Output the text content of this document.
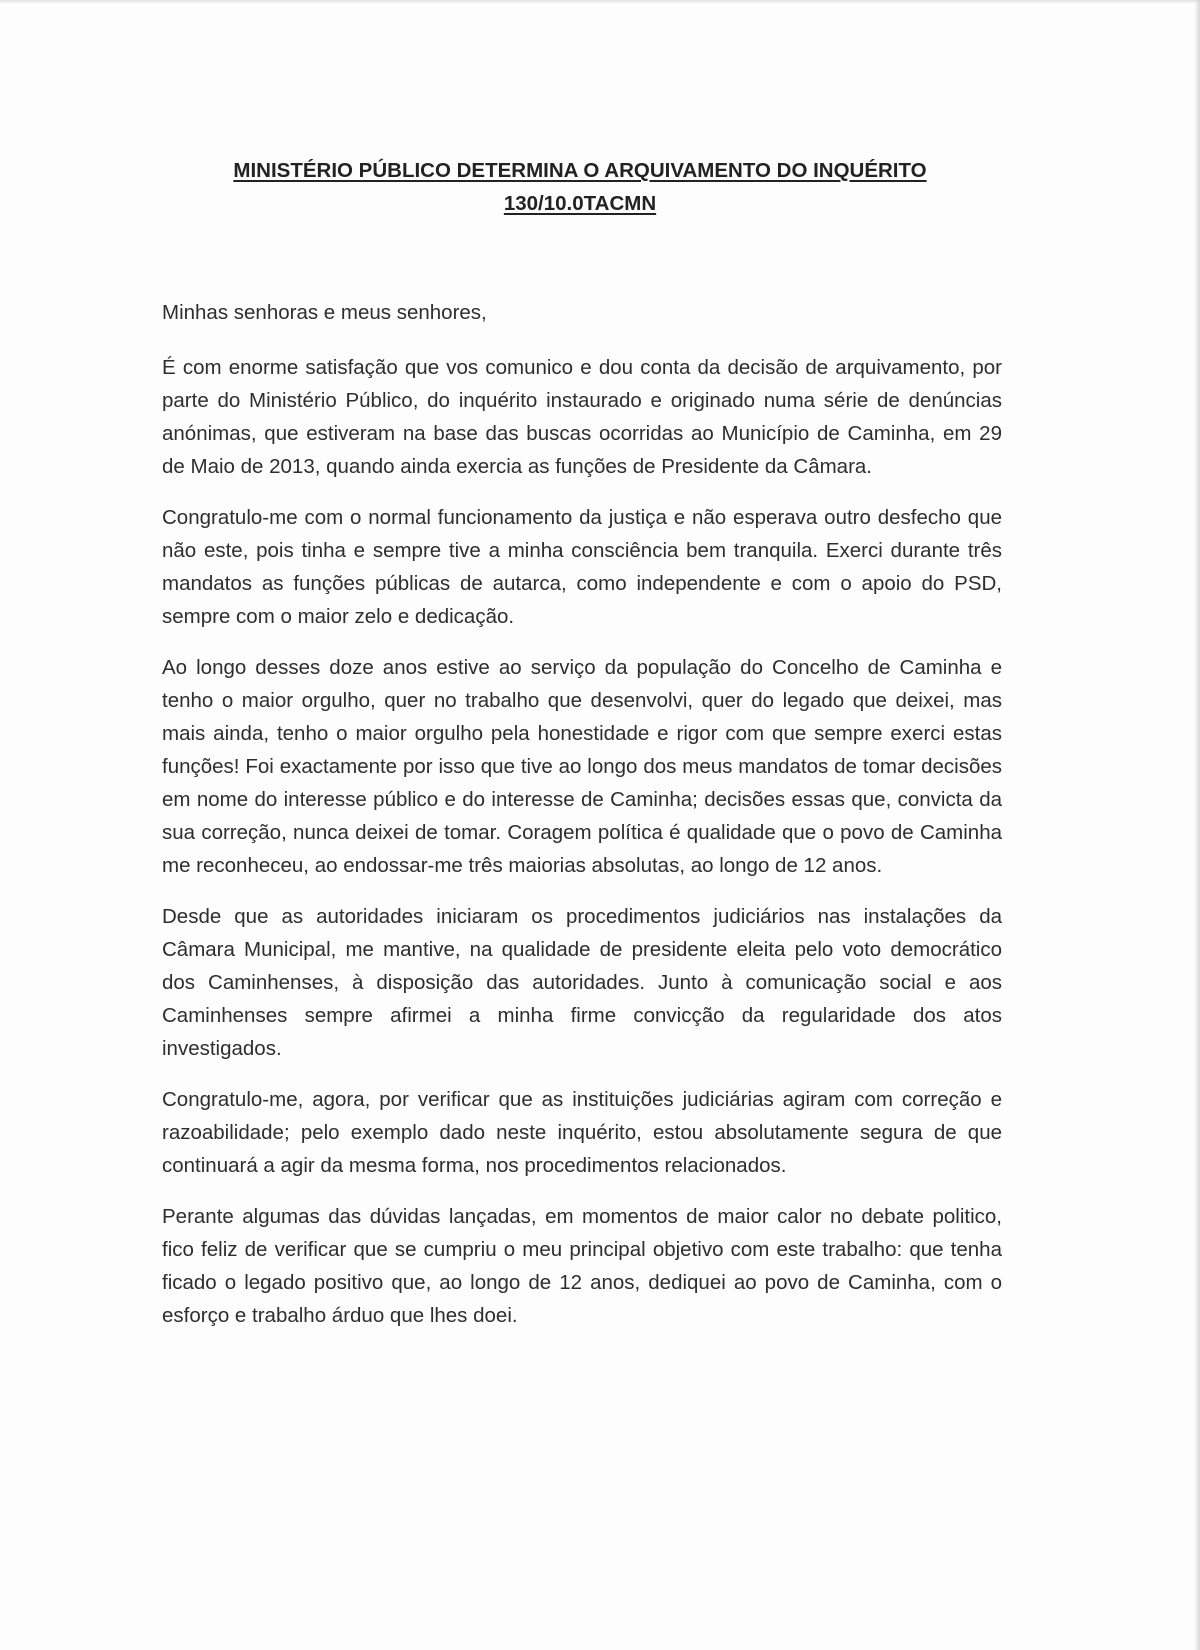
MINISTÉRIO PÚBLICO DETERMINA O ARQUIVAMENTO DO INQUÉRITO
130/10.0TACMN

Minhas senhoras e meus senhores,

É com enorme satisfação que vos comunico e dou conta da decisão de arquivamento, por parte do Ministério Público, do inquérito instaurado e originado numa série de denúncias anónimas, que estiveram na base das buscas ocorridas ao Município de Caminha, em 29 de Maio de 2013, quando ainda exercia as funções de Presidente da Câmara.

Congratulo-me com o normal funcionamento da justiça e não esperava outro desfecho que não este, pois tinha e sempre tive a minha consciência bem tranquila. Exerci durante três mandatos as funções públicas de autarca, como independente e com o apoio do PSD, sempre com o maior zelo e dedicação.

Ao longo desses doze anos estive ao serviço da população do Concelho de Caminha e tenho o maior orgulho, quer no trabalho que desenvolvi, quer do legado que deixei, mas mais ainda, tenho o maior orgulho pela honestidade e rigor com que sempre exerci estas funções! Foi exactamente por isso que tive ao longo dos meus mandatos de tomar decisões em nome do interesse público e do interesse de Caminha; decisões essas que, convicta da sua correção, nunca deixei de tomar. Coragem política é qualidade que o povo de Caminha me reconheceu, ao endossar-me três maiorias absolutas, ao longo de 12 anos.

Desde que as autoridades iniciaram os procedimentos judiciários nas instalações da Câmara Municipal, me mantive, na qualidade de presidente eleita pelo voto democrático dos Caminhenses, à disposição das autoridades. Junto à comunicação social e aos Caminhenses sempre afirmei a minha firme convicção da regularidade dos atos investigados.

Congratulo-me, agora, por verificar que as instituições judiciárias agiram com correção e razoabilidade; pelo exemplo dado neste inquérito, estou absolutamente segura de que continuará a agir da mesma forma, nos procedimentos relacionados.

Perante algumas das dúvidas lançadas, em momentos de maior calor no debate politico, fico feliz de verificar que se cumpriu o meu principal objetivo com este trabalho: que tenha ficado o legado positivo que, ao longo de 12 anos, dediquei ao povo de Caminha, com o esforço e trabalho árduo que lhes doei.
